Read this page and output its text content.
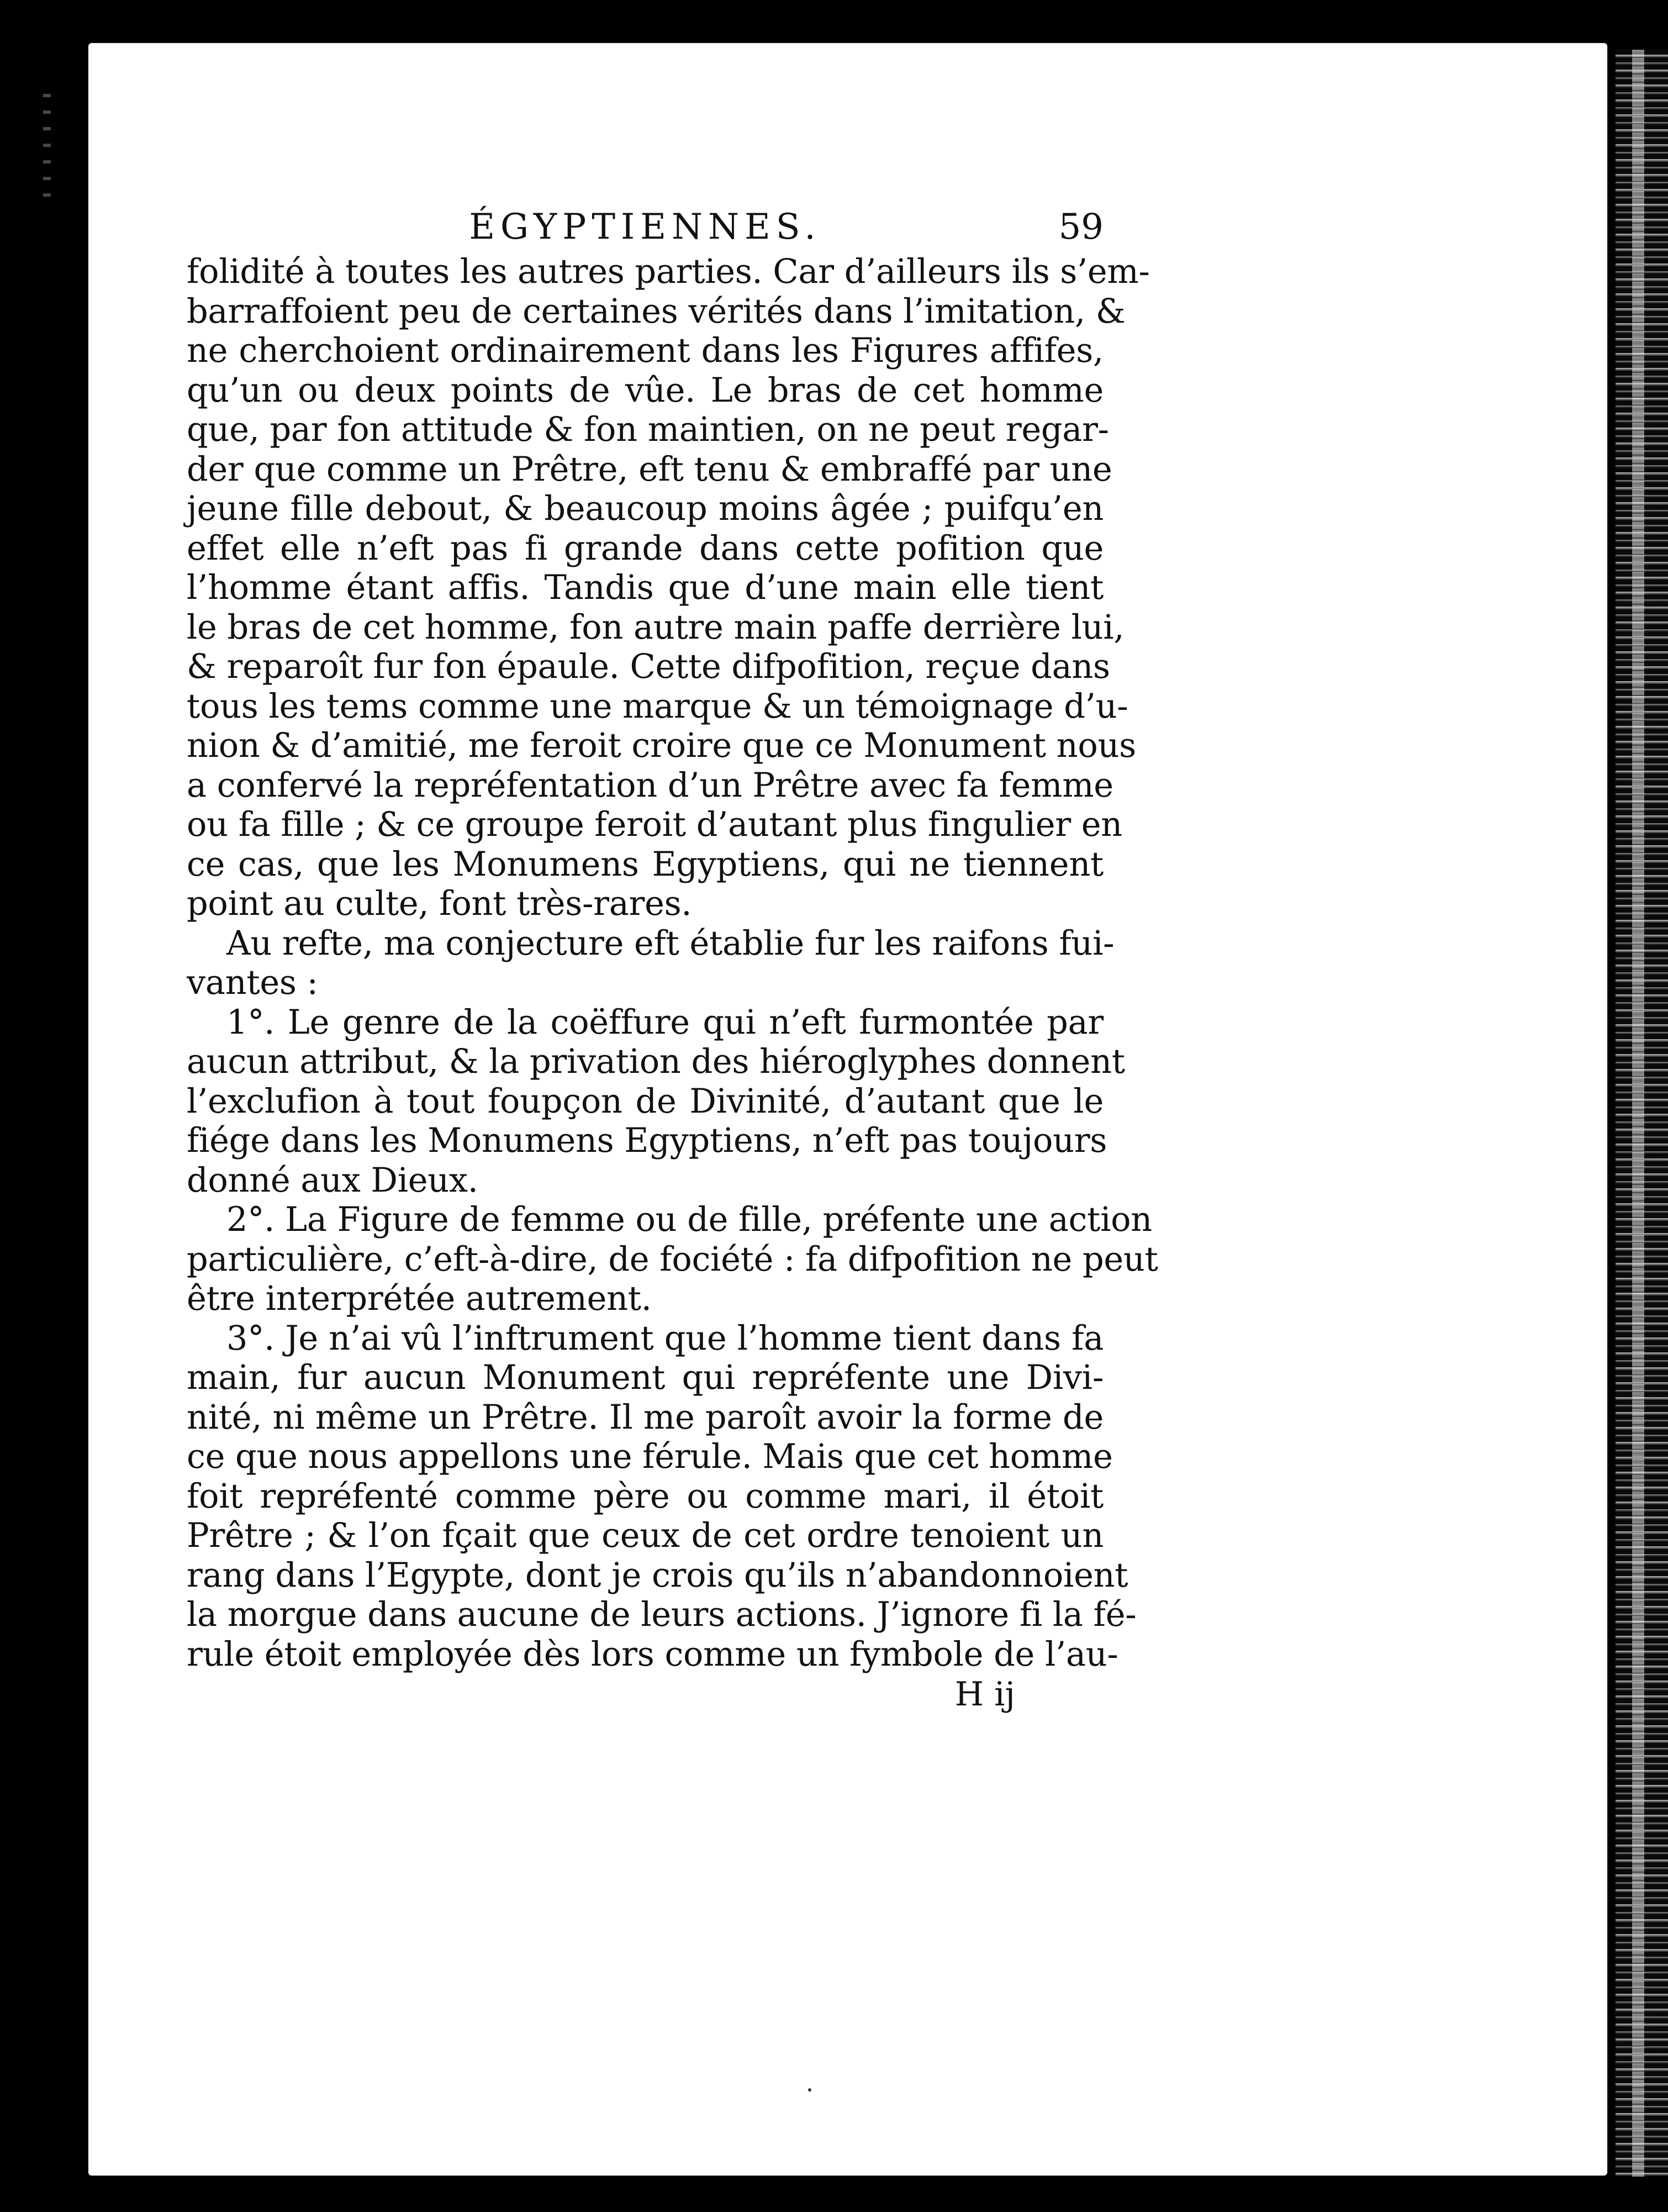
ÉGYPTIENNES.	59
folidité à toutes les autres parties. Car d’ailleurs ils s’em-
barraffoient peu de certaines vérités dans l’imitation, &
ne cherchoient ordinairement dans les Figures affifes,
qu’un ou deux points de vûe. Le bras de cet homme
que, par fon attitude & fon maintien, on ne peut regar-
der que comme un Prêtre, eft tenu & embraffé par une
jeune fille debout, & beaucoup moins âgée ; puifqu’en
effet elle n’eft pas fi grande dans cette pofition que
l’homme étant affis. Tandis que d’une main elle tient
le bras de cet homme, fon autre main paffe derrière lui,
& reparoît fur fon épaule. Cette difpofition, reçue dans
tous les tems comme une marque & un témoignage d’u-
nion & d’amitié, me feroit croire que ce Monument nous
a confervé la repréfentation d’un Prêtre avec fa femme
ou fa fille ; & ce groupe feroit d’autant plus fingulier en
ce cas, que les Monumens Egyptiens, qui ne tiennent
point au culte, font très-rares.
Au refte, ma conjecture eft établie fur les raifons fui-
vantes :
1°. Le genre de la coëffure qui n’eft furmontée par
aucun attribut, & la privation des hiéroglyphes donnent
l’exclufion à tout foupçon de Divinité, d’autant que le
fiége dans les Monumens Egyptiens, n’eft pas toujours
donné aux Dieux.
2°. La Figure de femme ou de fille, préfente une action
particulière, c’eft-à-dire, de fociété : fa difpofition ne peut
être interprétée autrement.
3°. Je n’ai vû l’inftrument que l’homme tient dans fa
main, fur aucun Monument qui repréfente une Divi-
nité, ni même un Prêtre. Il me paroît avoir la forme de
ce que nous appellons une férule. Mais que cet homme
foit repréfenté comme père ou comme mari, il étoit
Prêtre ; & l’on fçait que ceux de cet ordre tenoient un
rang dans l’Egypte, dont je crois qu’ils n’abandonnoient
la morgue dans aucune de leurs actions. J’ignore fi la fé-
rule étoit employée dès lors comme un fymbole de l’au-
H ij
